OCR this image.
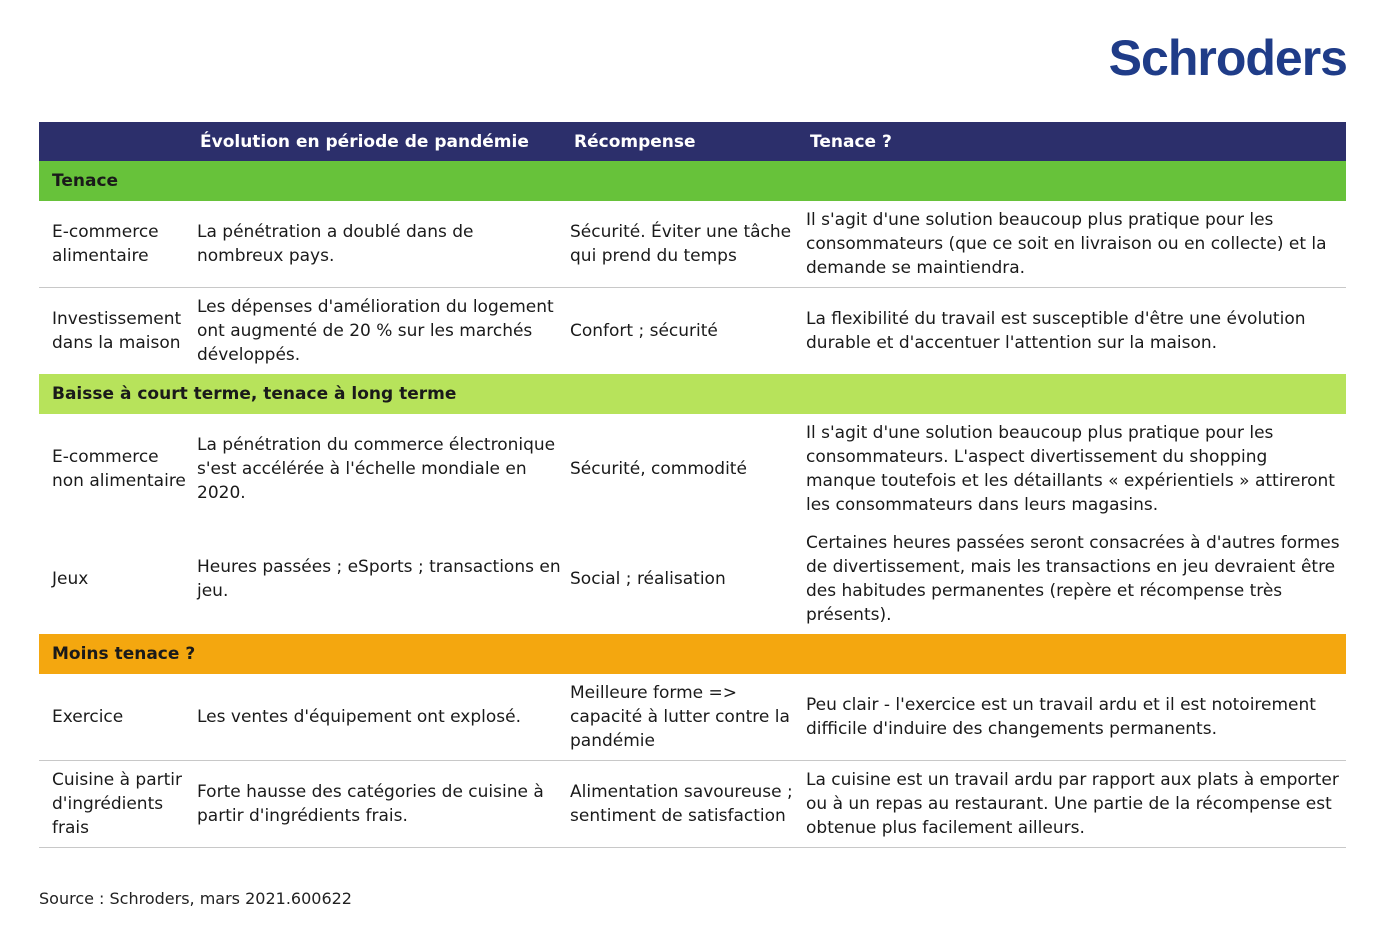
Schroders
	Évolution en période de pandémie	Récompense	Tenace ?
Tenace			
E-commerce alimentaire	La pénétration a doublé dans de nombreux pays.	Sécurité. Éviter une tâche qui prend du temps	Il s'agit d'une solution beaucoup plus pratique pour les consommateurs (que ce soit en livraison ou en collecte) et la demande se maintiendra.
Investissement dans la maison	Les dépenses d'amélioration du logement ont augmenté de 20 % sur les marchés développés.	Confort ; sécurité	La flexibilité du travail est susceptible d'être une évolution durable et d'accentuer l'attention sur la maison.
Baisse à court terme, tenace à long terme			
E-commerce non alimentaire	La pénétration du commerce électronique s'est accélérée à l'échelle mondiale en 2020.	Sécurité, commodité	Il s'agit d'une solution beaucoup plus pratique pour les consommateurs. L'aspect divertissement du shopping manque toutefois et les détaillants « expérientiels » attireront les consommateurs dans leurs magasins.
Jeux	Heures passées ; eSports ; transactions en jeu.	Social ; réalisation	Certaines heures passées seront consacrées à d'autres formes de divertissement, mais les transactions en jeu devraient être des habitudes permanentes (repère et récompense très présents).
Moins tenace ?			
Exercice	Les ventes d'équipement ont explosé.	Meilleure forme => capacité à lutter contre la pandémie	Peu clair - l'exercice est un travail ardu et il est notoirement difficile d'induire des changements permanents.
Cuisine à partir d'ingrédients frais	Forte hausse des catégories de cuisine à partir d'ingrédients frais.	Alimentation savoureuse ; sentiment de satisfaction	La cuisine est un travail ardu par rapport aux plats à emporter ou à un repas au restaurant. Une partie de la récompense est obtenue plus facilement ailleurs.
Source : Schroders, mars 2021.600622
